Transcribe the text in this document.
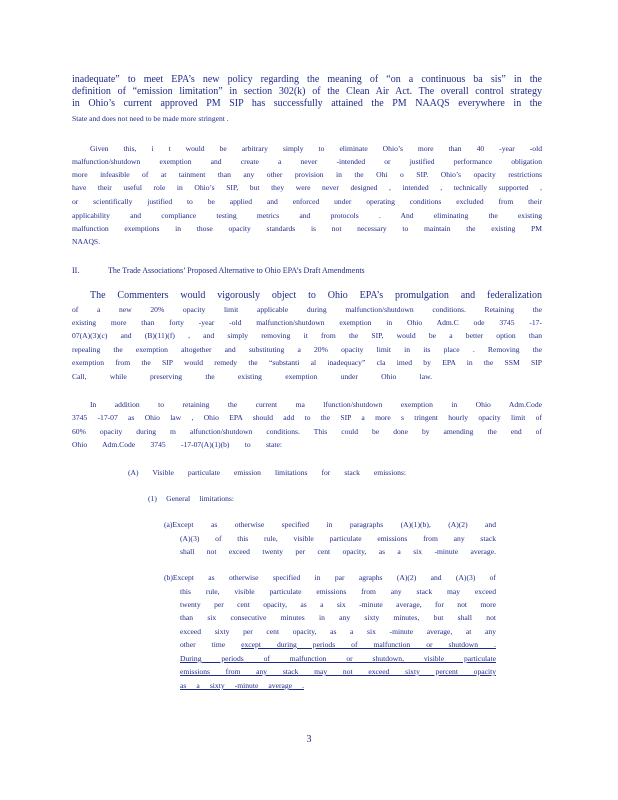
inadequate” to meet EPA’s new policy regarding the meaning of “on a continuous ba sis” in the
definition of “emission limitation” in section 302(k) of the Clean Air Act. The overall control strategy
in Ohio’s current approved PM SIP has successfully attained the PM NAAQS everywhere in the
State and does not need to be made more stringent .
Given this, i t would be arbitrary simply to eliminate Ohio’s more than 40 -year -old
malfunction/shutdown exemption and create a never -intended or justified performance obligation
more infeasible of at tainment than any other provision in the Ohi o SIP. Ohio’s opacity restrictions
have their useful role in Ohio’s SIP, but they were never designed , intended , technically supported ,
or scientifically justified to be applied and enforced under operating conditions excluded from their
applicability and compliance testing metrics and protocols . And eliminating the existing
malfunction exemptions in those opacity standards is not necessary to maintain the existing PM
NAAQS.
II.	The Trade Associations’ Proposed Alternative to Ohio EPA’s Draft Amendments
The Commenters would vigorously object to Ohio EPA’s promulgation and federalization
of a new 20% opacity limit applicable during malfunction/shutdown conditions. Retaining the
existing more than forty -year -old malfunction/shutdown exemption in Ohio Adm.C ode 3745 -17-
07(A)(3)(c) and (B)(11)(f) , and simply removing it from the SIP, would be a better option than
repealing the exemption altogether and substituting a 20% opacity limit in its place . Removing the
exemption from the SIP would remedy the “substanti al inadequacy” cla imed by EPA in the SSM SIP
Call, while preserving the existing exemption under Ohio law.
In addition to retaining the current ma lfunction/shutdown exemption in Ohio Adm.Code
3745 -17-07 as Ohio law , Ohio EPA should add to the SIP a more s tringent hourly opacity limit of
60% opacity during m alfunction/shutdown conditions. This could be done by amending the end of
Ohio Adm.Code 3745 -17-07(A)(1)(b) to state:
(A) Visible particulate emission limitations for stack emissions:
(1) General limitations:
(a)Except as otherwise specified in paragraphs (A)(1)(b), (A)(2) and
(A)(3) of this rule, visible particulate emissions from any stack
shall not exceed twenty per cent opacity, as a six -minute average.
(b)Except as otherwise specified in par agraphs (A)(2) and (A)(3) of
this rule, visible particulate emissions from any stack may exceed
twenty per cent opacity, as a six -minute average, for not more
than six consecutive minutes in any sixty minutes, but shall not
exceed sixty per cent opacity, as a six -minute average, at any
other time except during periods of malfunction or shutdown .
During periods of malfunction or shutdown, visible particulate
emissions from any stack may not exceed sixty percent opacity
as a sixty -minute average .
3
